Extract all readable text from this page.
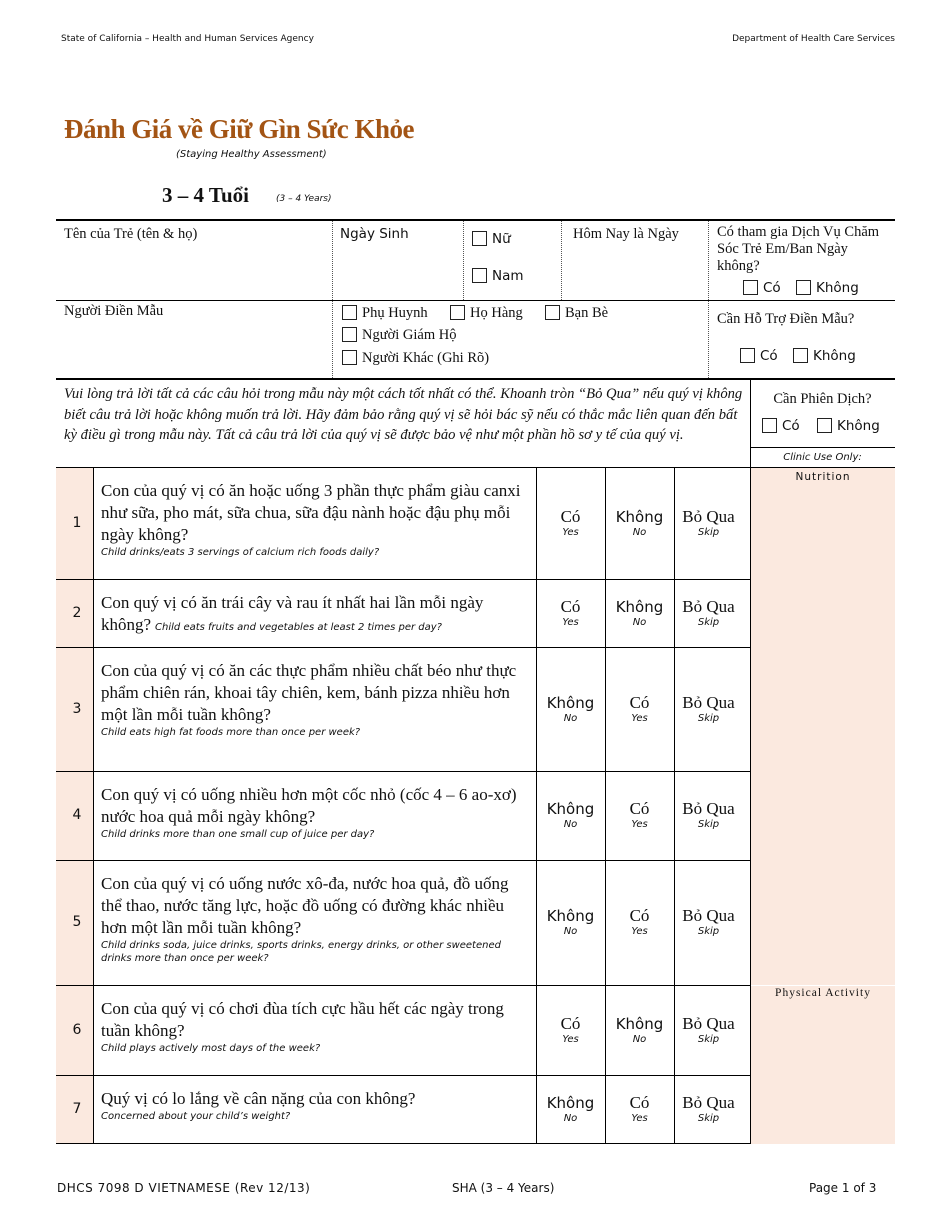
State of California – Health and Human Services Agency	Department of Health Care Services
Đánh Giá về Giữ Gìn Sức Khỏe
(Staying Healthy Assessment)
3 – 4 Tuổi	(3 – 4 Years)
Tên của Trẻ (tên & họ)	Ngày Sinh	Nữ
Nam
Hôm Nay là Ngày	Có tham gia Dịch Vụ Chăm Sóc Trẻ Em/Ban Ngày không?
Có	Không
Người Điền Mẫu	Phụ Huynh	Họ Hàng	Bạn Bè
Người Giám Hộ
Người Khác (Ghi Rõ)
Cần Hỗ Trợ Điền Mẫu?
Có	Không
Vui lòng trả lời tất cả các câu hỏi trong mẫu này một cách tốt nhất có thể. Khoanh tròn “Bỏ Qua” nếu quý vị không biết câu trả lời hoặc không muốn trả lời. Hãy đảm bảo rằng quý vị sẽ hỏi bác sỹ nếu có thắc mắc liên quan đến bất kỳ điều gì trong mẫu này. Tất cả câu trả lời của quý vị sẽ được bảo vệ như một phần hồ sơ y tế của quý vị.
Cần Phiên Dịch?
Có	Không
Clinic Use Only:
Nutrition
Physical Activity
1
Con của quý vị có ăn hoặc uống 3 phần thực phẩm giàu canxi như sữa, pho mát, sữa chua, sữa đậu nành hoặc đậu phụ mỗi ngày không?
Child drinks/eats 3 servings of calcium rich foods daily?
Có
Yes
Không
No
Bỏ Qua
Skip
2
Con quý vị có ăn trái cây và rau ít nhất hai lần mỗi ngày không? Child eats fruits and vegetables at least 2 times per day?
Có
Yes
Không
No
Bỏ Qua
Skip
3
Con của quý vị có ăn các thực phẩm nhiều chất béo như thực phẩm chiên rán, khoai tây chiên, kem, bánh pizza nhiều hơn một lần mỗi tuần không?
Child eats high fat foods more than once per week?
Không
No
Có
Yes
Bỏ Qua
Skip
4
Con quý vị có uống nhiều hơn một cốc nhỏ (cốc 4 – 6 ao-xơ) nước hoa quả mỗi ngày không?
Child drinks more than one small cup of juice per day?
Không
No
Có
Yes
Bỏ Qua
Skip
5
Con của quý vị có uống nước xô-đa, nước hoa quả, đồ uống thể thao, nước tăng lực, hoặc đồ uống có đường khác nhiều hơn một lần mỗi tuần không?
Child drinks soda, juice drinks, sports drinks, energy drinks, or other sweetened drinks more than once per week?
Không
No
Có
Yes
Bỏ Qua
Skip
6
Con của quý vị có chơi đùa tích cực hầu hết các ngày trong tuần không?
Child plays actively most days of the week?
Có
Yes
Không
No
Bỏ Qua
Skip
7
Quý vị có lo lắng về cân nặng của con không?
Concerned about your child’s weight?
Không
No
Có
Yes
Bỏ Qua
Skip
DHCS 7098 D VIETNAMESE (Rev 12/13)	SHA (3 – 4 Years)	Page 1 of 3
